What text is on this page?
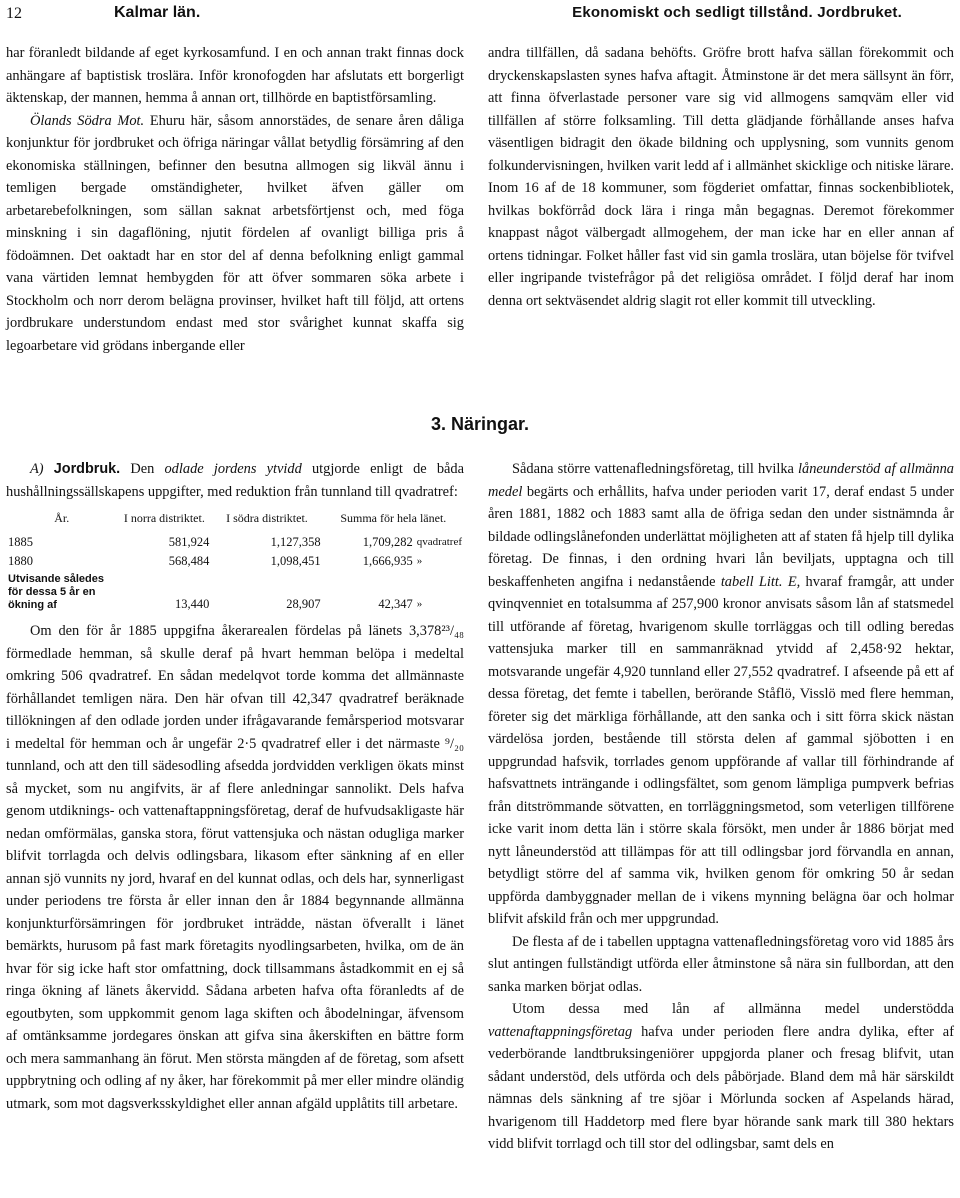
12	Kalmar län.	Ekonomiskt och sedligt tillstånd. Jordbruket.

har föranledt bildande af eget kyrkosamfund. I en och annan trakt finnas dock anhängare af baptistisk troslära. Inför kronofogden har afslutats ett borgerligt äktenskap, der mannen, hemma å annan ort, tillhörde en baptistförsamling.

Ölands Södra Mot. Ehuru här, såsom annorstädes, de senare åren dåliga konjunktur för jordbruket och öfriga näringar vållat betydlig försämring af den ekonomiska ställningen, befinner den besutna allmogen sig likväl ännu i temligen bergade omständigheter, hvilket äfven gäller om arbetarebefolkningen, som sällan saknat arbetsförtjenst och, med föga minskning i sin dagaflöning, njutit fördelen af ovanligt billiga pris å födoämnen. Det oaktadt har en stor del af denna befolkning enligt gammal vana värtiden lemnat hembygden för att öfver sommaren söka arbete i Stockholm och norr derom belägna provinser, hvilket haft till följd, att ortens jordbrukare understundom endast med stor svårighet kunnat skaffa sig legoarbetare vid grödans inbergande eller

andra tillfällen, då sadana behöfts. Gröfre brott hafva sällan förekommit och dryckenskapslasten synes hafva aftagit. Åtminstone är det mera sällsynt än förr, att finna öfverlastade personer vare sig vid allmogens samqväm eller vid tillfällen af större folksamling. Till detta glädjande förhållande anses hafva väsentligen bidragit den ökade bildning och upplysning, som vunnits genom folkundervisningen, hvilken varit ledd af i allmänhet skicklige och nitiske lärare. Inom 16 af de 18 kommuner, som fögderiet omfattar, finnas sockenbibliotek, hvilkas bokförråd dock lära i ringa mån begagnas. Deremot förekommer knappast något välbergadt allmogehem, der man icke har en eller annan af ortens tidningar. Folket håller fast vid sin gamla troslära, utan böjelse för tvifvel eller ingripande tvistefrågor på det religiösa området. I följd deraf har inom denna ort sektväsendet aldrig slagit rot eller kommit till utveckling.

3. Näringar.

A) Jordbruk. Den odlade jordens ytvidd utgjorde enligt de båda hushållningssällskapens uppgifter, med reduktion från tunnland till qvadratref:

År.	I norra distriktet.	I södra distriktet.	Summa för hela länet.	
1885	581,924	1,127,358	1,709,282	qvadratref
1880	568,484	1,098,451	1,666,935	»
Utvisande således för dessa 5 år en ökning af	13,440	28,907	42,347	»

Om den för år 1885 uppgifna åkerarealen fördelas på länets 3,378²³/₄₈ förmedlade hemman, så skulle deraf på hvart hemman belöpa i medeltal omkring 506 qvadratref. En sådan medelqvot torde komma det allmännaste förhållandet temligen nära. Den här ofvan till 42,347 qvadratref beräknade tillökningen af den odlade jorden under ifrågavarande femårsperiod motsvarar i medeltal för hemman och år ungefär 2·5 qvadratref eller i det närmaste ⁹/₂₀ tunnland, och att den till sädesodling afsedda jordvidden verkligen ökats minst så mycket, som nu angifvits, är af flere anledningar sannolikt. Dels hafva genom utdiknings- och vattenaftappningsföretag, deraf de hufvudsakligaste här nedan omförmälas, ganska stora, förut vattensjuka och nästan odugliga marker blifvit torrlagda och delvis odlingsbara, likasom efter sänkning af en eller annan sjö vunnits ny jord, hvaraf en del kunnat odlas, och dels har, synnerligast under periodens tre första år eller innan den år 1884 begynnande allmänna konjunkturförsämringen för jordbruket inträdde, nästan öfverallt i länet bemärkts, hurusom på fast mark företagits nyodlingsarbeten, hvilka, om de än hvar för sig icke haft stor omfattning, dock tillsammans åstadkommit en ej så ringa ökning af länets åkervidd. Sådana arbeten hafva ofta föranledts af de egoutbyten, som uppkommit genom laga skiften och åbodelningar, äfvensom af omtänksamme jordegares önskan att gifva sina åkerskiften en bättre form och mera sammanhang än förut. Men största mängden af de företag, som afsett uppbrytning och odling af ny åker, har förekommit på mer eller mindre oländig utmark, som mot dagsverksskyldighet eller annan afgäld upplåtits till arbetare.

Sådana större vattenafledningsföretag, till hvilka låneunderstöd af allmänna medel begärts och erhållits, hafva under perioden varit 17, deraf endast 5 under åren 1881, 1882 och 1883 samt alla de öfriga sedan den under sistnämnda år bildade odlingslånefonden underlättat möjligheten att af staten få hjelp till dylika företag. De finnas, i den ordning hvari lån beviljats, upptagna och till beskaffenheten angifna i nedanstående tabell Litt. E, hvaraf framgår, att under qvinqvenniet en totalsumma af 257,900 kronor anvisats såsom lån af statsmedel till utförande af företag, hvarigenom skulle torrläggas och till odling beredas vattensjuka marker till en sammanräknad ytvidd af 2,458·92 hektar, motsvarande ungefär 4,920 tunnland eller 27,552 qvadratref. I afseende på ett af dessa företag, det femte i tabellen, berörande Ståflö, Visslö med flere hemman, företer sig det märkliga förhållande, att den sanka och i sitt förra skick nästan värdelösa jorden, bestående till största delen af gammal sjöbotten i en uppgrundad hafsvik, torrlades genom uppförande af vallar till förhindrande af hafsvattnets inträngande i odlingsfältet, som genom lämpliga pumpverk befrias från ditströmmande sötvatten, en torrläggningsmetod, som veterligen tillförene icke varit inom detta län i större skala försökt, men under år 1886 börjat med nytt låneunderstöd att tillämpas för att till odlingsbar jord förvandla en annan, betydligt större del af samma vik, hvilken genom för omkring 50 år sedan uppförda dambyggnader mellan de i vikens mynning belägna öar och holmar blifvit afskild från och mer uppgrundad.

De flesta af de i tabellen upptagna vattenafledningsföretag voro vid 1885 års slut antingen fullständigt utförda eller åtminstone så nära sin fullbordan, att den sanka marken börjat odlas.

Utom dessa med lån af allmänna medel understödda vattenaftappningsföretag hafva under perioden flere andra dylika, efter af vederbörande landtbruksingeniörer uppgjorda planer och fresag blifvit, utan sådant understöd, dels utförda och dels påbörjade. Bland dem må här särskildt nämnas dels sänkning af tre sjöar i Mörlunda socken af Aspelands härad, hvarigenom till Haddetorp med flere byar hörande sank mark till 380 hektars vidd blifvit torrlagd och till stor del odlingsbar, samt dels en
